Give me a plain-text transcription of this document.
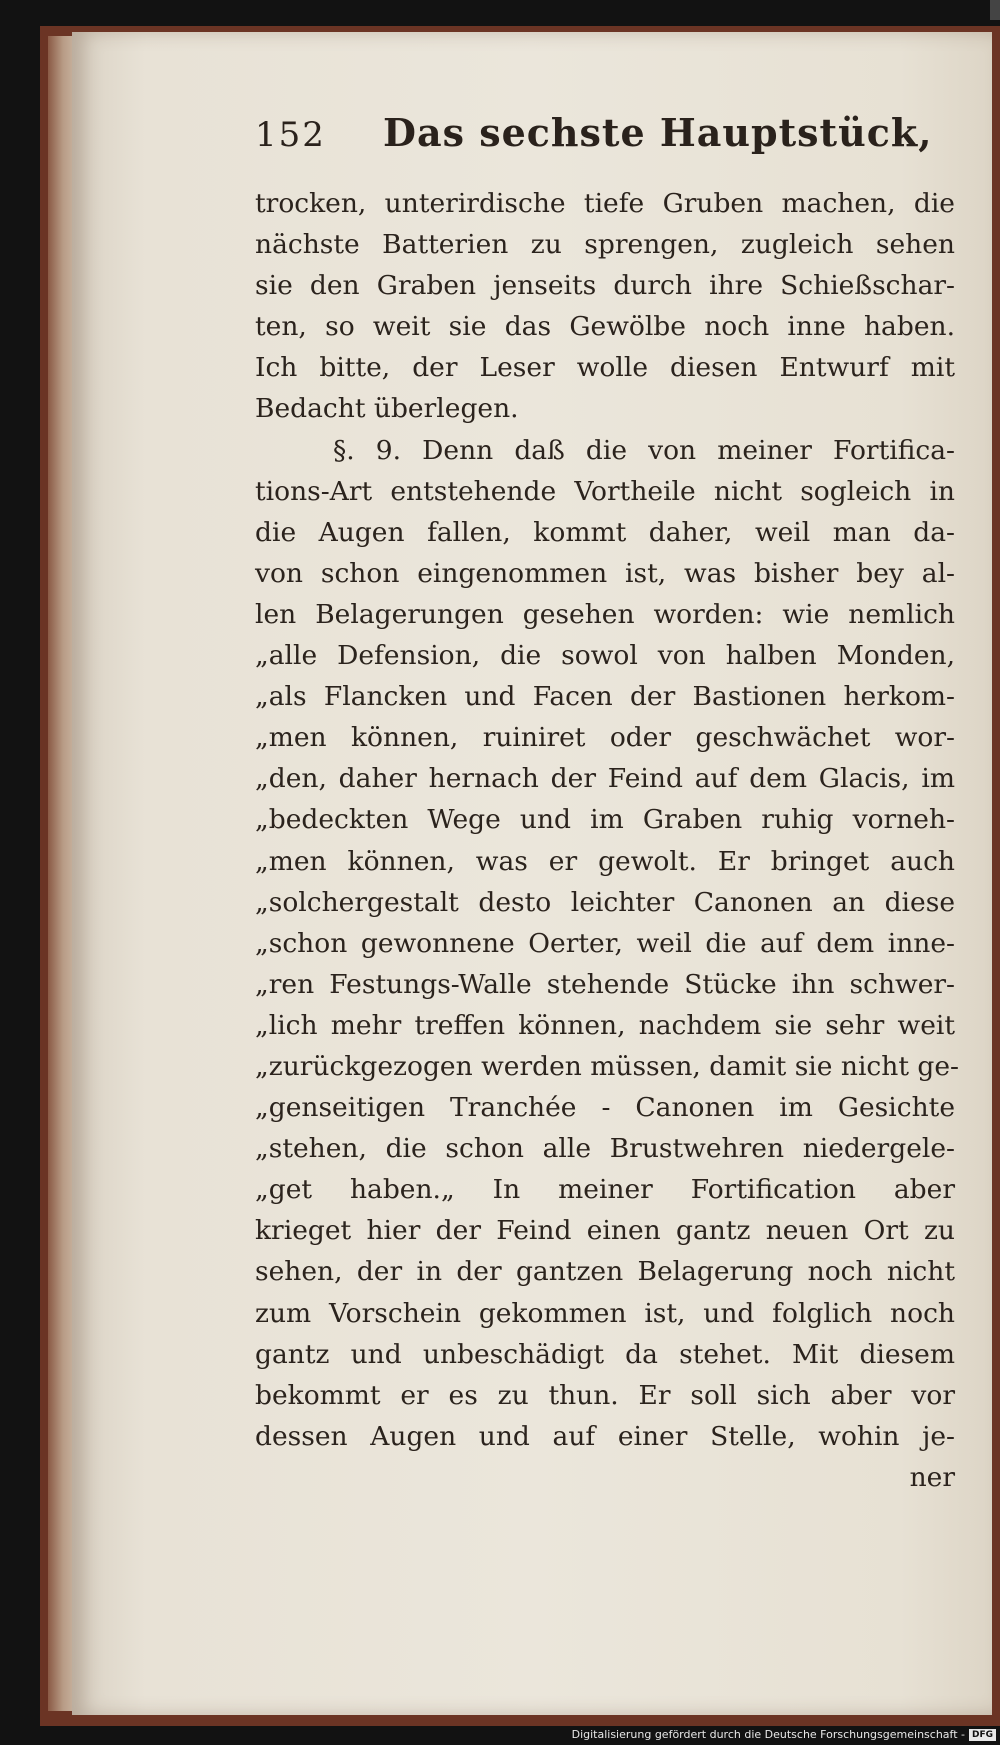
152	Das sechste Hauptstück,
trocken, unterirdische tiefe Gruben machen, die
nächste Batterien zu sprengen, zugleich sehen
sie den Graben jenseits durch ihre Schießschar-
ten, so weit sie das Gewölbe noch inne haben.
Ich bitte, der Leser wolle diesen Entwurf mit
Bedacht überlegen.
§. 9. Denn daß die von meiner Fortifica-
tions-Art entstehende Vortheile nicht sogleich in
die Augen fallen, kommt daher, weil man da-
von schon eingenommen ist, was bisher bey al-
len Belagerungen gesehen worden: wie nemlich
„alle Defension, die sowol von halben Monden,
„als Flancken und Facen der Bastionen herkom-
„men können, ruiniret oder geschwächet wor-
„den, daher hernach der Feind auf dem Glacis, im
„bedeckten Wege und im Graben ruhig vorneh-
„men können, was er gewolt. Er bringet auch
„solchergestalt desto leichter Canonen an diese
„schon gewonnene Oerter, weil die auf dem inne-
„ren Festungs-Walle stehende Stücke ihn schwer-
„lich mehr treffen können, nachdem sie sehr weit
„zurückgezogen werden müssen, damit sie nicht ge-
„genseitigen Tranchée - Canonen im Gesichte
„stehen, die schon alle Brustwehren niedergele-
„get haben.„ In meiner Fortification aber
krieget hier der Feind einen gantz neuen Ort zu
sehen, der in der gantzen Belagerung noch nicht
zum Vorschein gekommen ist, und folglich noch
gantz und unbeschädigt da stehet. Mit diesem
bekommt er es zu thun. Er soll sich aber vor
dessen Augen und auf einer Stelle, wohin je-
ner
Digitalisierung gefördert durch die Deutsche Forschungsgemeinschaft - DFG
